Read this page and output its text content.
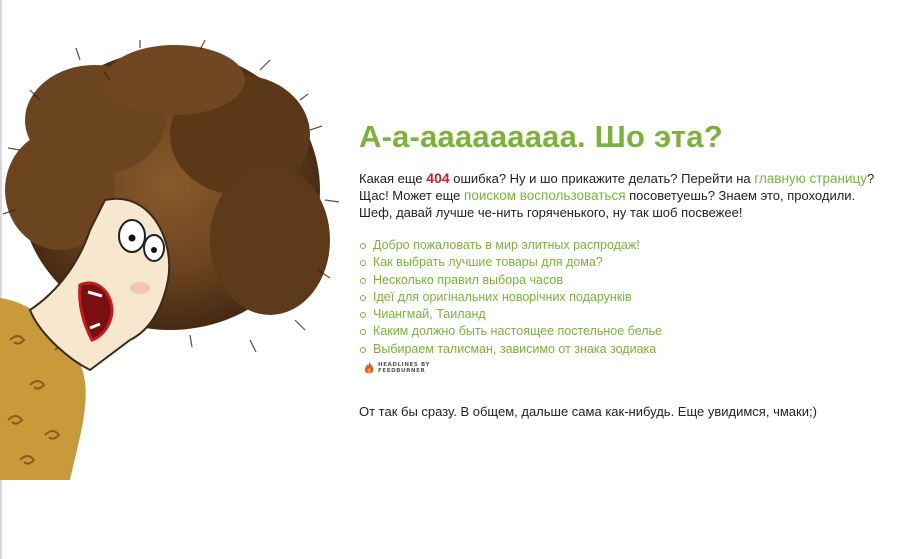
А-а-ааааааааа. Шо эта?

Какая еще 404 ошибка? Ну и шо прикажите делать? Перейти на главную страницу?
Щас! Может еще поиском воспользоваться посоветуешь? Знаем это, проходили.
Шеф, давай лучше че-нить горяченького, ну так шоб посвежее!

Добро пожаловать в мир элитных распродаж!
Как выбрать лучшие товары для дома?
Несколько правил выбора часов
Ідеї для оригінальних новорічних подарунків
Чиангмай, Таиланд
Каким должно быть настоящее постельное белье
Выбираем талисман, зависимо от знака зодиака
HEADLINES BY
FEEDBURNER
От так бы сразу. В общем, дальше сама как-нибудь. Еще увидимся, чмаки;)
